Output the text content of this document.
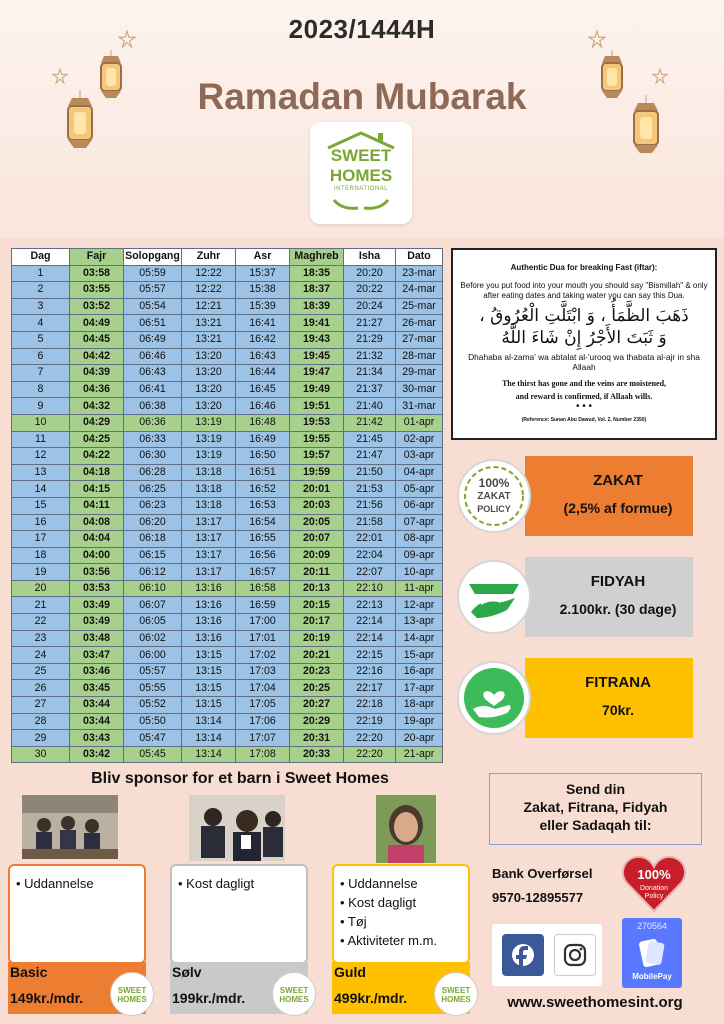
2023/1444H
Ramadan Mubarak
SWEET
HOMES
INTERNATIONAL
Dag	Fajr	Solopgang	Zuhr	Asr	Maghreb	Isha	Dato
1	03:58	05:59	12:22	15:37	18:35	20:20	23-mar
2	03:55	05:57	12:22	15:38	18:37	20:22	24-mar
3	03:52	05:54	12:21	15:39	18:39	20:24	25-mar
4	04:49	06:51	13:21	16:41	19:41	21:27	26-mar
5	04:45	06:49	13:21	16:42	19:43	21:29	27-mar
6	04:42	06:46	13:20	16:43	19:45	21:32	28-mar
7	04:39	06:43	13:20	16:44	19:47	21:34	29-mar
8	04:36	06:41	13:20	16:45	19:49	21:37	30-mar
9	04:32	06:38	13:20	16:46	19:51	21:40	31-mar
10	04:29	06:36	13:19	16:48	19:53	21:42	01-apr
11	04:25	06:33	13:19	16:49	19:55	21:45	02-apr
12	04:22	06:30	13:19	16:50	19:57	21:47	03-apr
13	04:18	06:28	13:18	16:51	19:59	21:50	04-apr
14	04:15	06:25	13:18	16:52	20:01	21:53	05-apr
15	04:11	06:23	13:18	16:53	20:03	21:56	06-apr
16	04:08	06:20	13:17	16:54	20:05	21:58	07-apr
17	04:04	06:18	13:17	16:55	20:07	22:01	08-apr
18	04:00	06:15	13:17	16:56	20:09	22:04	09-apr
19	03:56	06:12	13:17	16:57	20:11	22:07	10-apr
20	03:53	06:10	13:16	16:58	20:13	22:10	11-apr
21	03:49	06:07	13:16	16:59	20:15	22:13	12-apr
22	03:49	06:05	13:16	17:00	20:17	22:14	13-apr
23	03:48	06:02	13:16	17:01	20:19	22:14	14-apr
24	03:47	06:00	13:15	17:02	20:21	22:15	15-apr
25	03:46	05:57	13:15	17:03	20:23	22:16	16-apr
26	03:45	05:55	13:15	17:04	20:25	22:17	17-apr
27	03:44	05:52	13:15	17:05	20:27	22:18	18-apr
28	03:44	05:50	13:14	17:06	20:29	22:19	19-apr
29	03:43	05:47	13:14	17:07	20:31	22:20	20-apr
30	03:42	05:45	13:14	17:08	20:33	22:20	21-apr
Authentic Dua for breaking Fast (iftar):
Before you put food into your mouth you should say "Bismillah" & only after eating dates and taking water you can say this Dua.
ذَهَبَ الظَّمَأُ ، وَ ابْتَلَّتِ الْعُرُوقُ ،
وَ ثَبَتَ الأَجْرُ إِنْ شَاءَ اللَّهُ
Dhahaba al-zama' wa abtalat al-'urooq wa thabata al-ajr in sha Allaah
The thirst has gone and the veins are moistened,
and reward is confirmed, if Allaah wills.
• • •
(Reference: Sunan Abu Dawud, Vol. 2, Number 2350)
100%
ZAKAT
POLICY
ZAKAT
(2,5% af formue)
FIDYAH
2.100kr. (30 dage)
FITRANA
70kr.
Bliv sponsor for et barn i Sweet Homes
• Uddannelse	• Kost dagligt	• Uddannelse
• Kost dagligt
• Tøj
• Aktiviteter m.m.
Basic
149kr./mdr.
Sølv
199kr./mdr.
Guld
499kr./mdr.
SWEET
HOMES
SWEET
HOMES
SWEET
HOMES
Send din
Zakat, Fitrana, Fidyah
eller Sadaqah til:
Bank Overførsel
9570-12895577
100%
Donation
Policy
270564
MobilePay
www.sweethomesint.org
